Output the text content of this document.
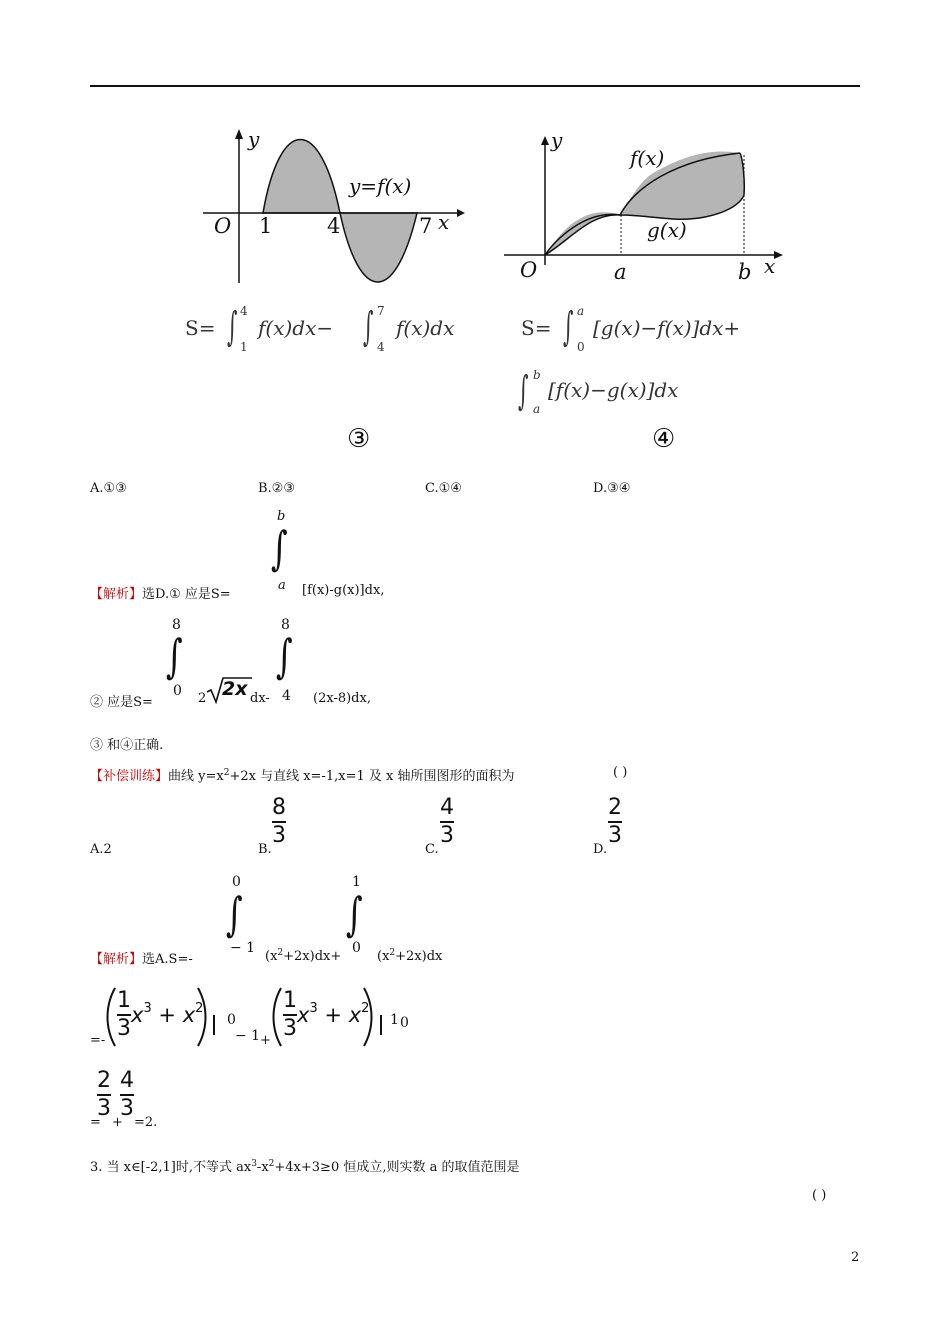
y
x
O 1	4	7
y=f(x)
S= ∫ 4
1
f(x)dx− ∫ 7
4
f(x)dx
③
y
x
O	a	b
f(x)
g(x)
S= ∫ a
0
[g(x)−f(x)]dx+
∫ b
a
[f(x)−g(x)]dx
④
A.①③	B.②③	C.①④	D.③④
b
∫
a
【解析】选D.① 应是S=	[f(x)-g(x)]dx,
8
∫
0
8
∫
4
② 应是S=	2 2x dx-	(2x-8)dx,
③ 和④正确.
【补偿训练】曲线 $y=x^2+2x$ 与直线 x=-1,x=1 及 x 轴所围图形的面积为	( )
A.2	B.
8
3
C.
4
3
D.
2
3
0
∫
− 1
1
∫
0
【解析】选A.S=-	$(x^2+2x)dx+$	$(x^2+2x)dx$
=-
1
3
$x^3 + x^2$
0
− 1 +
1
3
$x^3 + x^2$
1 0
2
3
4
3
= + =2.
3. 当 x∈[-2,1]时,不等式 $ax^3-x^2+4x+3\ge 0$ 恒成立,则实数 a 的取值范围是
( )
2
